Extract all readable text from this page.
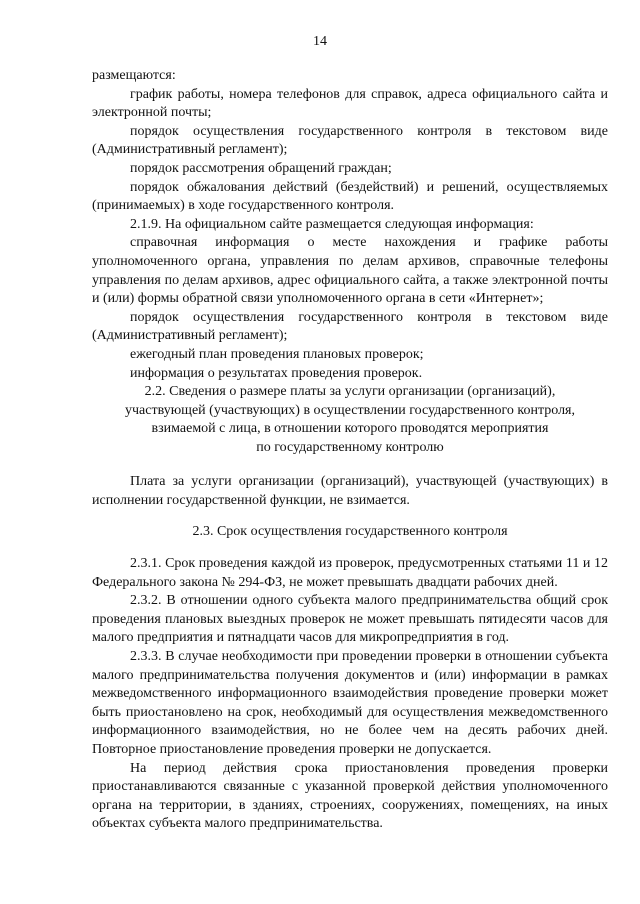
14

размещаются:

график работы, номера телефонов для справок, адреса официального сайта и электронной почты;

порядок осуществления государственного контроля в текстовом виде (Административный регламент);

порядок рассмотрения обращений граждан;

порядок обжалования действий (бездействий) и решений, осуществляемых (принимаемых) в ходе государственного контроля.

2.1.9. На официальном сайте размещается следующая информация:

справочная информация о месте нахождения и графике работы уполномоченного органа, управления по делам архивов, справочные телефоны управления по делам архивов, адрес официального сайта, а также электронной почты и (или) формы обратной связи уполномоченного органа в сети «Интернет»;

порядок осуществления государственного контроля в текстовом виде (Административный регламент);

ежегодный план проведения плановых проверок;

информация о результатах проведения проверок.

2.2. Сведения о размере платы за услуги организации (организаций),

участвующей (участвующих) в осуществлении государственного контроля,

взимаемой с лица, в отношении которого проводятся мероприятия

по государственному контролю

Плата за услуги организации (организаций), участвующей (участвующих) в исполнении государственной функции, не взимается.

2.3. Срок осуществления государственного контроля

2.3.1. Срок проведения каждой из проверок, предусмотренных статьями 11 и 12 Федерального закона № 294-ФЗ, не может превышать двадцати рабочих дней.

2.3.2. В отношении одного субъекта малого предпринимательства общий срок проведения плановых выездных проверок не может превышать пятидесяти часов для малого предприятия и пятнадцати часов для микропредприятия в год.

2.3.3. В случае необходимости при проведении проверки в отношении субъекта малого предпринимательства получения документов и (или) информации в рамках межведомственного информационного взаимодействия проведение проверки может быть приостановлено на срок, необходимый для осуществления межведомственного информационного взаимодействия, но не более чем на десять рабочих дней. Повторное приостановление проведения проверки не допускается.

На период действия срока приостановления проведения проверки приостанавливаются связанные с указанной проверкой действия уполномоченного органа на территории, в зданиях, строениях, сооружениях, помещениях, на иных объектах субъекта малого предпринимательства.
